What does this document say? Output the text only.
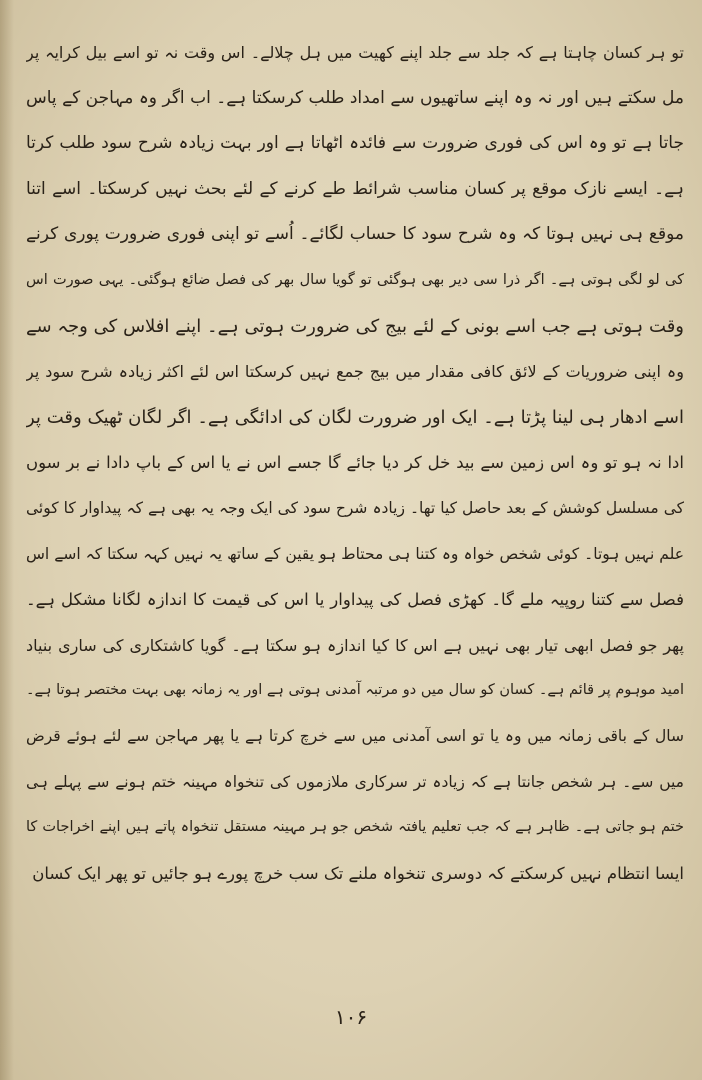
تو ہر کسان چاہتا ہے کہ جلد سے جلد اپنے کھیت میں ہل چلالے۔ اس وقت نہ تو اسے بیل کرایہ پر
مل سکتے ہیں اور نہ وہ اپنے ساتھیوں سے امداد طلب کرسکتا ہے۔ اب اگر وہ مہاجن کے پاس
جاتا ہے تو وہ اس کی فوری ضرورت سے فائدہ اٹھاتا ہے اور بہت زیادہ شرح سود طلب کرتا
ہے۔ ایسے نازک موقع پر کسان مناسب شرائط طے کرنے کے لئے بحث نہیں کرسکتا۔ اسے اتنا
موقع ہی نہیں ہوتا کہ وہ شرح سود کا حساب لگائے۔ اُسے تو اپنی فوری ضرورت پوری کرنے
کی لو لگی ہوتی ہے۔ اگر ذرا سی دیر بھی ہوگئی تو گویا سال بھر کی فصل ضائع ہوگئی۔ یہی صورت اس
وقت ہوتی ہے جب اسے بونی کے لئے بیج کی ضرورت ہوتی ہے۔ اپنے افلاس کی وجہ سے
وہ اپنی ضروریات کے لائق کافی مقدار میں بیج جمع نہیں کرسکتا اس لئے اکثر زیادہ شرح سود پر
اسے ادھار ہی لینا پڑتا ہے۔ ایک اور ضرورت لگان کی ادائگی ہے۔ اگر لگان ٹھیک وقت پر
ادا نہ ہو تو وہ اس زمین سے بید خل کر دیا جائے گا جسے اس نے یا اس کے باپ دادا نے بر سوں
کی مسلسل کوشش کے بعد حاصل کیا تھا۔ زیادہ شرح سود کی ایک وجہ یہ بھی ہے کہ پیداوار کا کوئی
علم نہیں ہوتا۔ کوئی شخص خواہ وہ کتنا ہی محتاط ہو یقین کے ساتھ یہ نہیں کہہ سکتا کہ اسے اس
فصل سے کتنا روپیہ ملے گا۔ کھڑی فصل کی پیداوار یا اس کی قیمت کا اندازہ لگانا مشکل ہے۔
پھر جو فصل ابھی تیار بھی نہیں ہے اس کا کیا اندازہ ہو سکتا ہے۔ گویا کاشتکاری کی ساری بنیاد
امید موہوم پر قائم ہے۔ کسان کو سال میں دو مرتبہ آمدنی ہوتی ہے اور یہ زمانہ بھی بہت مختصر ہوتا ہے۔
سال کے باقی زمانہ میں وہ یا تو اسی آمدنی میں سے خرچ کرتا ہے یا پھر مہاجن سے لئے ہوئے قرض
میں سے۔ ہر شخص جانتا ہے کہ زیادہ تر سرکاری ملازموں کی تنخواہ مہینہ ختم ہونے سے پہلے ہی
ختم ہو جاتی ہے۔ ظاہر ہے کہ جب تعلیم یافتہ شخص جو ہر مہینہ مستقل تنخواہ پاتے ہیں اپنے اخراجات کا
ایسا انتظام نہیں کرسکتے کہ دوسری تنخواہ ملنے تک سب خرچ پورے ہو جائیں تو پھر ایک کسان
۱۰۶
